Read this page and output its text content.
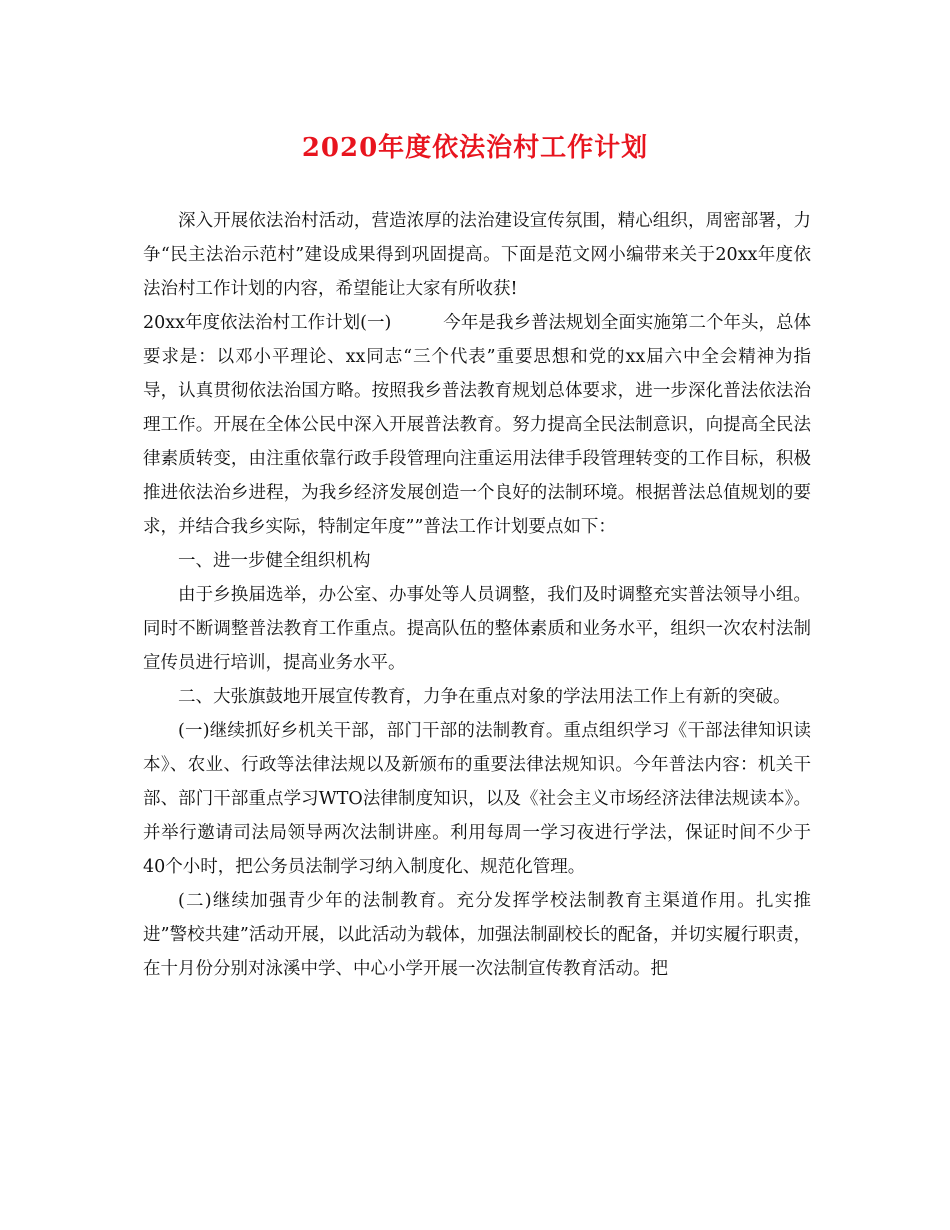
2020年度依法治村工作计划

深入开展依法治村活动，营造浓厚的法治建设宣传氛围，精心组织，周密部署，力争“民主法治示范村”建设成果得到巩固提高。下面是范文网小编带来关于20xx年度依法治村工作计划的内容，希望能让大家有所收获!

20xx年度依法治村工作计划(一)	今年是我乡普法规划全面实施第二个年头，总体要求是：以邓小平理论、xx同志“三个代表”重要思想和党的xx届六中全会精神为指导，认真贯彻依法治国方略。按照我乡普法教育规划总体要求，进一步深化普法依法治理工作。开展在全体公民中深入开展普法教育。努力提高全民法制意识，向提高全民法律素质转变，由注重依靠行政手段管理向注重运用法律手段管理转变的工作目标，积极推进依法治乡进程，为我乡经济发展创造一个良好的法制环境。根据普法总值规划的要求，并结合我乡实际，特制定年度””普法工作计划要点如下：

一、进一步健全组织机构

由于乡换届选举，办公室、办事处等人员调整，我们及时调整充实普法领导小组。同时不断调整普法教育工作重点。提高队伍的整体素质和业务水平，组织一次农村法制宣传员进行培训，提高业务水平。

二、大张旗鼓地开展宣传教育，力争在重点对象的学法用法工作上有新的突破。

(一)继续抓好乡机关干部，部门干部的法制教育。重点组织学习《干部法律知识读本》、农业、行政等法律法规以及新颁布的重要法律法规知识。今年普法内容：机关干部、部门干部重点学习WTO法律制度知识，以及《社会主义市场经济法律法规读本》。并举行邀请司法局领导两次法制讲座。利用每周一学习夜进行学法，保证时间不少于40个小时，把公务员法制学习纳入制度化、规范化管理。

(二)继续加强青少年的法制教育。充分发挥学校法制教育主渠道作用。扎实推进”警校共建”活动开展，以此活动为载体，加强法制副校长的配备，并切实履行职责，在十月份分别对泳溪中学、中心小学开展一次法制宣传教育活动。把
